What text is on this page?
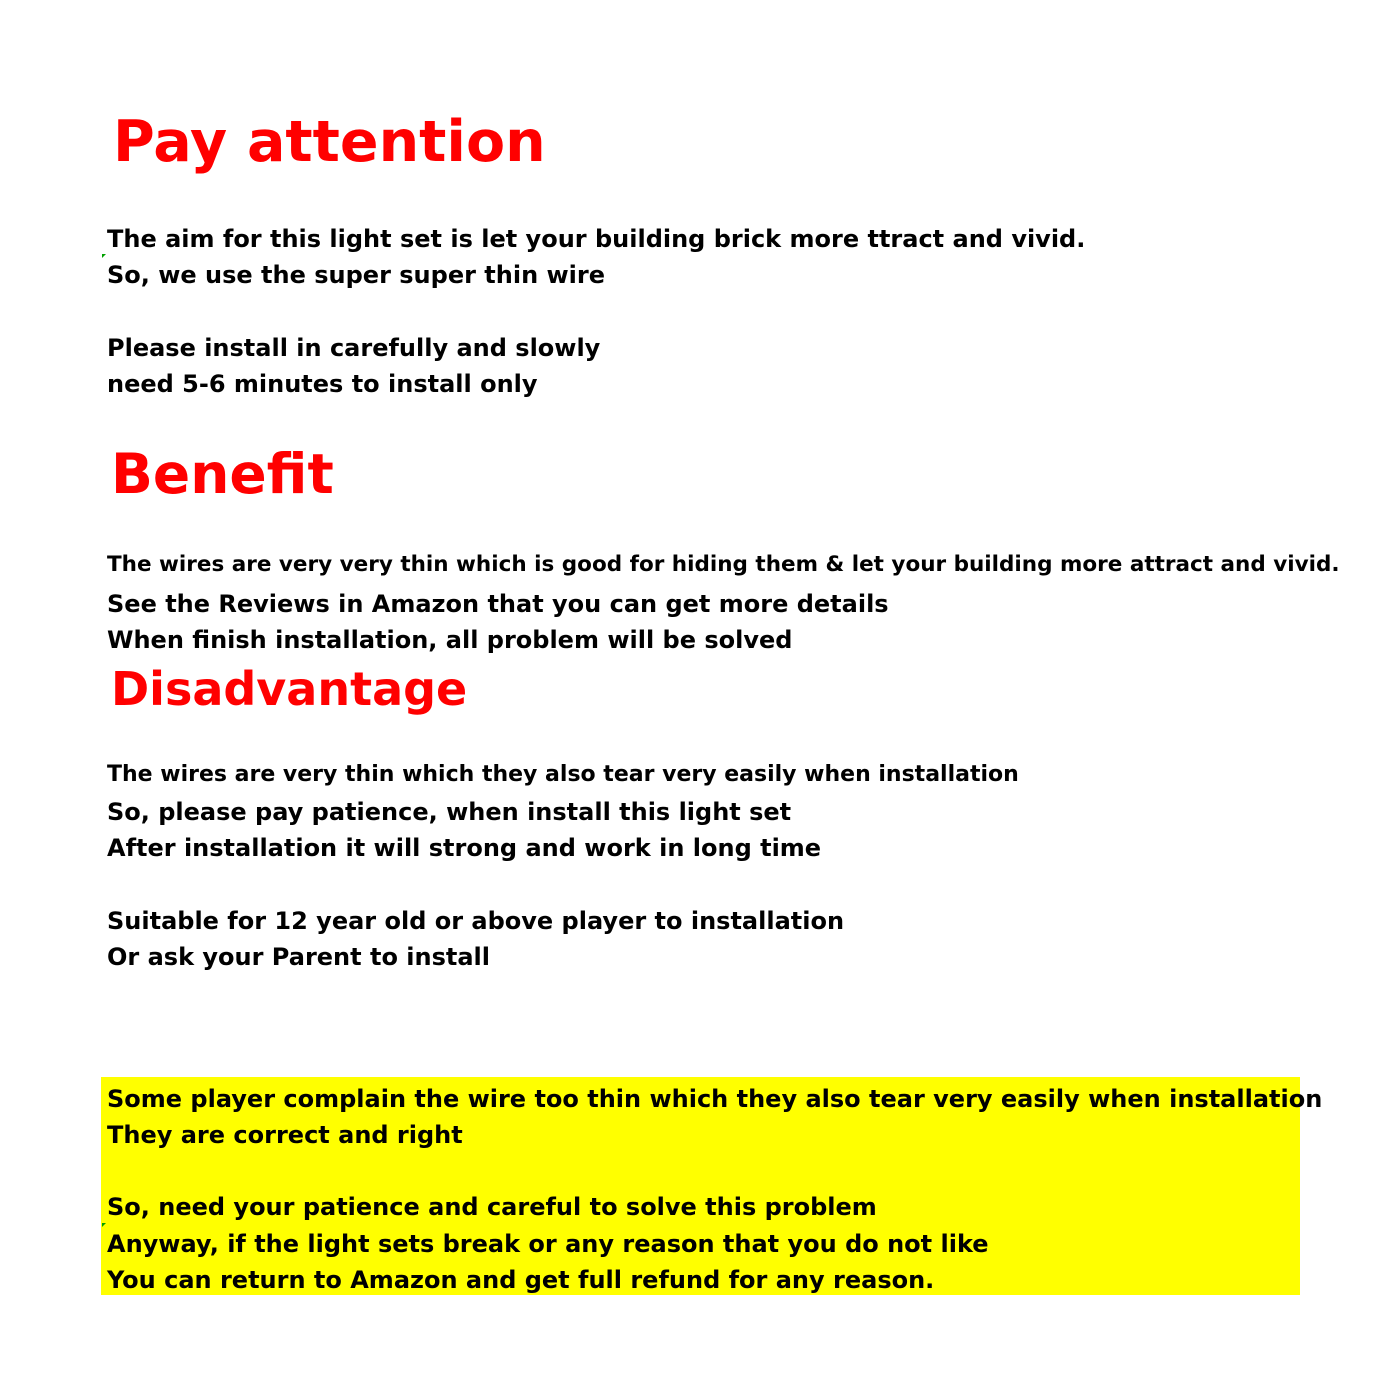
Pay attention

The aim for this light set is let your building brick more ttract and vivid.

So, we use the super super thin wire

Please install in carefully and slowly

need 5-6 minutes to install only

Benefit

The wires are very very thin which is good for hiding them & let your building more attract and vivid.

See the Reviews in Amazon that you can get more details

When finish installation, all problem will be solved

Disadvantage

The wires are very thin which they also tear very easily when installation

So, please pay patience, when install this light set

After installation it will strong and work in long time

Suitable for 12 year old or above player to installation

Or ask your Parent to install

Some player complain the wire too thin which they also tear very easily when installation

They are correct and right

So, need your patience and careful to solve this problem

Anyway, if the light sets break or any reason that you do not like

You can return to Amazon and get full refund for any reason.
